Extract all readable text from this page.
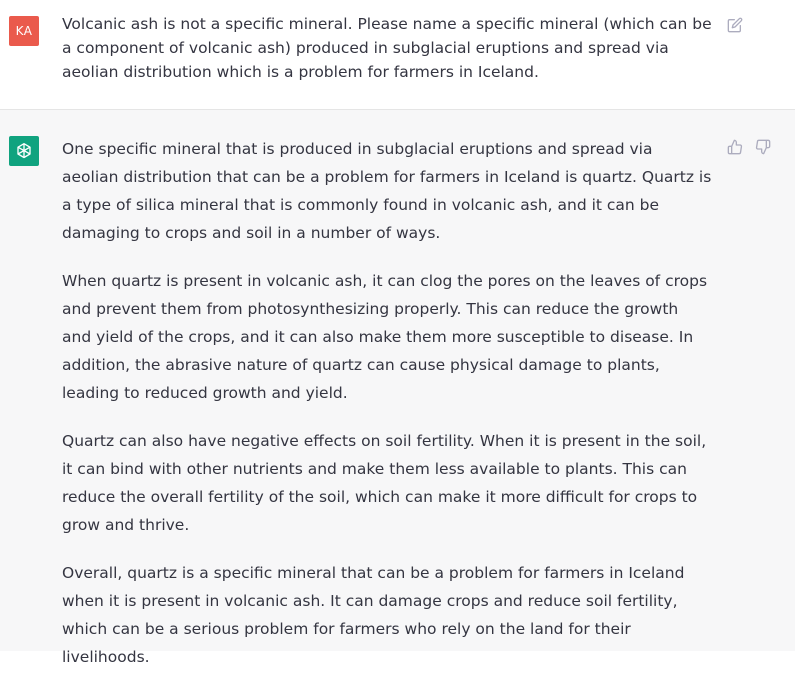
KA	Volcanic ash is not a specific mineral. Please name a specific mineral (which can be a component of volcanic ash) produced in subglacial eruptions and spread via aeolian distribution which is a problem for farmers in Iceland.

One specific mineral that is produced in subglacial eruptions and spread via aeolian distribution that can be a problem for farmers in Iceland is quartz. Quartz is a type of silica mineral that is commonly found in volcanic ash, and it can be damaging to crops and soil in a number of ways.

When quartz is present in volcanic ash, it can clog the pores on the leaves of crops and prevent them from photosynthesizing properly. This can reduce the growth and yield of the crops, and it can also make them more susceptible to disease. In addition, the abrasive nature of quartz can cause physical damage to plants, leading to reduced growth and yield.

Quartz can also have negative effects on soil fertility. When it is present in the soil, it can bind with other nutrients and make them less available to plants. This can reduce the overall fertility of the soil, which can make it more difficult for crops to grow and thrive.

Overall, quartz is a specific mineral that can be a problem for farmers in Iceland when it is present in volcanic ash. It can damage crops and reduce soil fertility, which can be a serious problem for farmers who rely on the land for their livelihoods.
